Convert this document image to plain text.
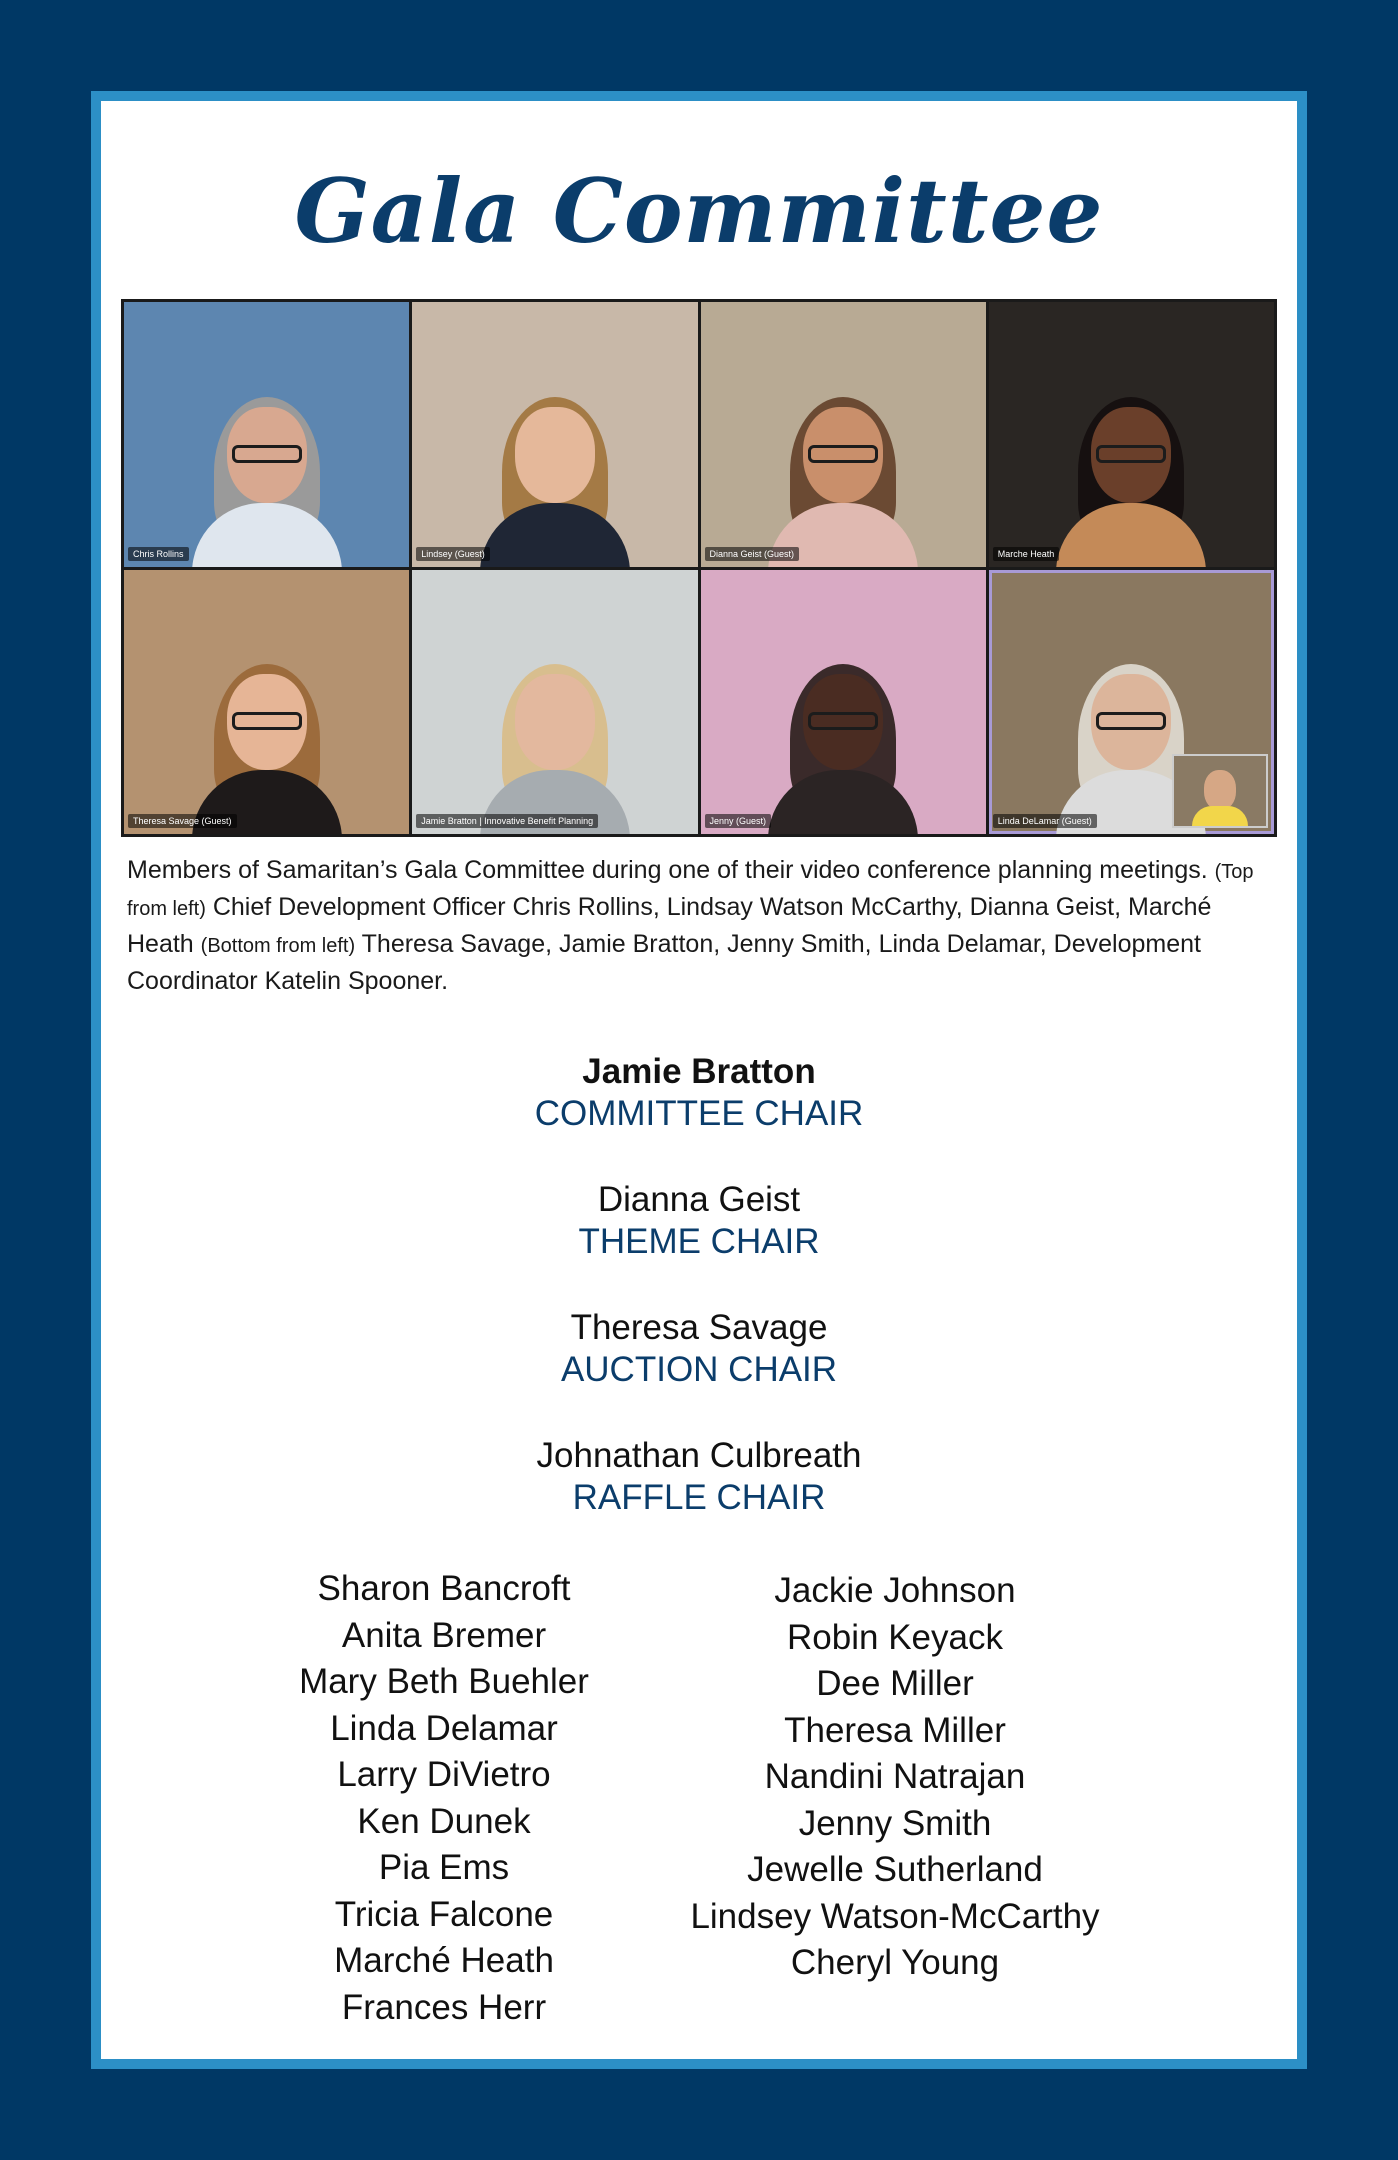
Gala Committee
Chris Rollins	Lindsey (Guest)	Dianna Geist (Guest)	Marche Heath
Theresa Savage (Guest)	Jamie Bratton | Innovative Benefit Planning	Jenny (Guest)	Linda DeLamar (Guest)
Members of Samaritan’s Gala Committee during one of their video conference planning meetings. (Top from left) Chief Development Officer Chris Rollins, Lindsay Watson McCarthy, Dianna Geist, Marché Heath (Bottom from left) Theresa Savage, Jamie Bratton, Jenny Smith, Linda Delamar, Development Coordinator Katelin Spooner.
Jamie Bratton
COMMITTEE CHAIR
Dianna Geist
THEME CHAIR
Theresa Savage
AUCTION CHAIR
Johnathan Culbreath
RAFFLE CHAIR
Sharon Bancroft
Anita Bremer
Mary Beth Buehler
Linda Delamar
Larry DiVietro
Ken Dunek
Pia Ems
Tricia Falcone
Marché Heath
Frances Herr
Jackie Johnson
Robin Keyack
Dee Miller
Theresa Miller
Nandini Natrajan
Jenny Smith
Jewelle Sutherland
Lindsey Watson-McCarthy
Cheryl Young
